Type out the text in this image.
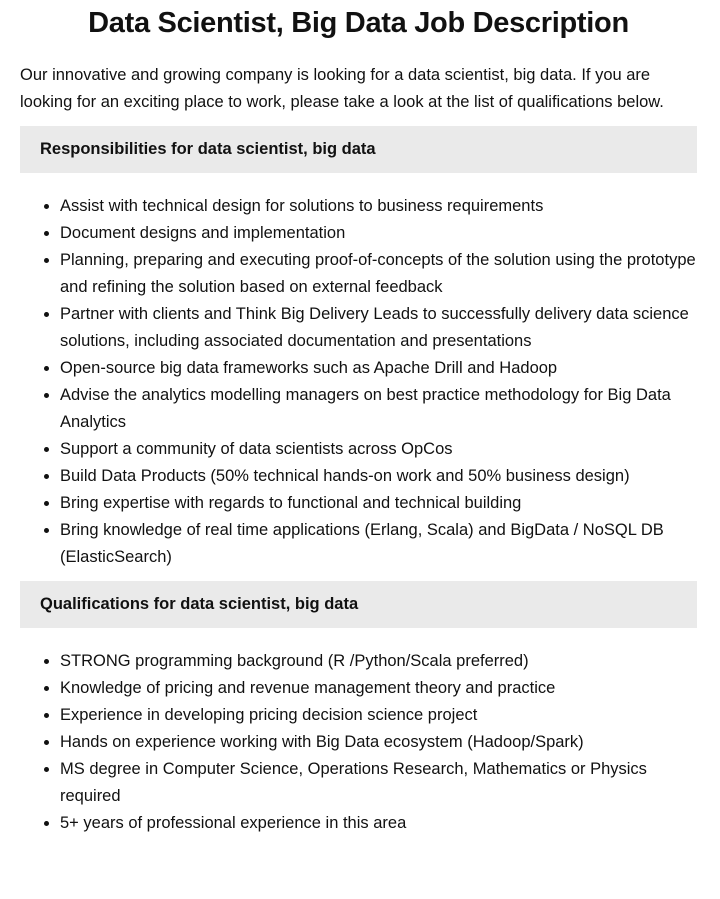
Data Scientist, Big Data Job Description

Our innovative and growing company is looking for a data scientist, big data. If you are looking for an exciting place to work, please take a look at the list of qualifications below.

Responsibilities for data scientist, big data
• Assist with technical design for solutions to business requirements
• Document designs and implementation
• Planning, preparing and executing proof-of-concepts of the solution using the prototype and refining the solution based on external feedback
• Partner with clients and Think Big Delivery Leads to successfully delivery data science solutions, including associated documentation and presentations
• Open-source big data frameworks such as Apache Drill and Hadoop
• Advise the analytics modelling managers on best practice methodology for Big Data Analytics
• Support a community of data scientists across OpCos
• Build Data Products (50% technical hands-on work and 50% business design)
• Bring expertise with regards to functional and technical building
• Bring knowledge of real time applications (Erlang, Scala) and BigData / NoSQL DB (ElasticSearch)
Qualifications for data scientist, big data
• STRONG programming background (R /Python/Scala preferred)
• Knowledge of pricing and revenue management theory and practice
• Experience in developing pricing decision science project
• Hands on experience working with Big Data ecosystem (Hadoop/Spark)
• MS degree in Computer Science, Operations Research, Mathematics or Physics required
• 5+ years of professional experience in this area
